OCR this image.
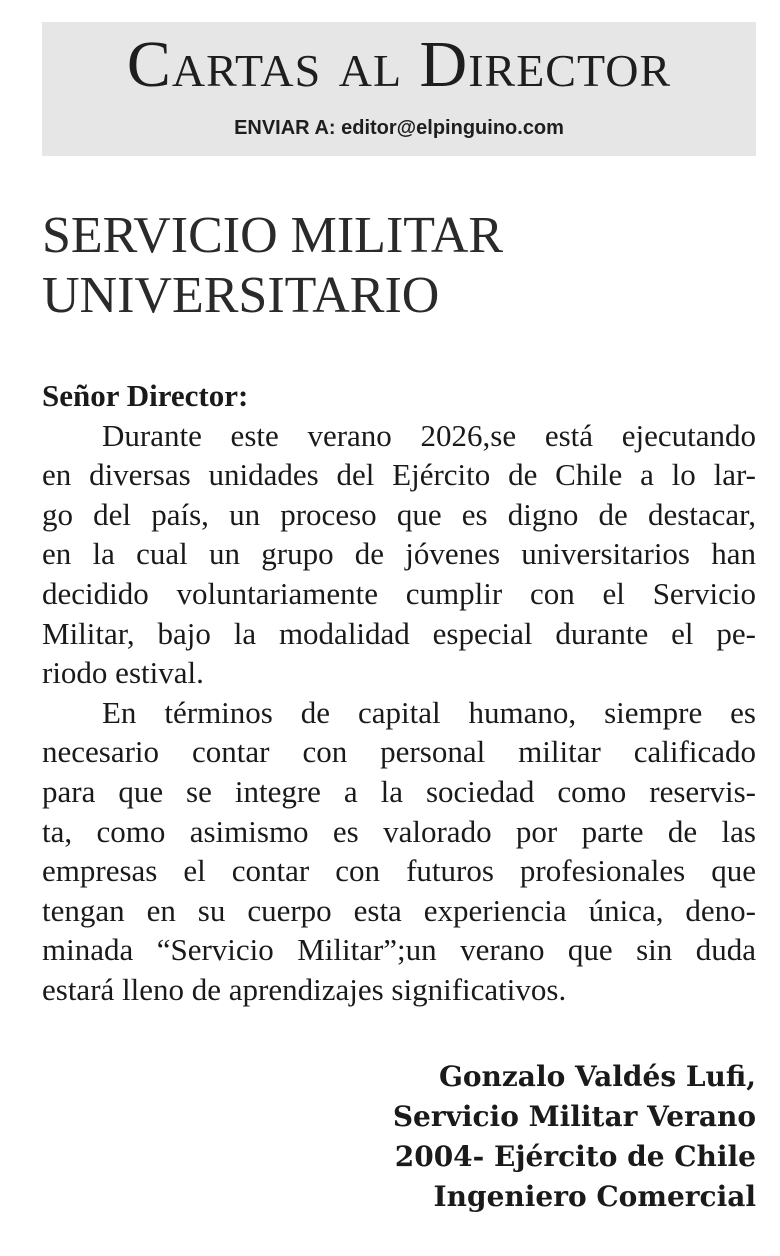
Cartas al Director
ENVIAR A: editor@elpinguino.com
SERVICIO MILITAR
UNIVERSITARIO
Señor Director:
Durante este verano 2026,se está ejecutando
en diversas unidades del Ejército de Chile a lo lar-
go del país, un proceso que es digno de destacar,
en la cual un grupo de jóvenes universitarios han
decidido voluntariamente cumplir con el Servicio
Militar, bajo la modalidad especial durante el pe-
riodo estival.
En términos de capital humano, siempre es
necesario contar con personal militar calificado
para que se integre a la sociedad como reservis-
ta, como asimismo es valorado por parte de las
empresas el contar con futuros profesionales que
tengan en su cuerpo esta experiencia única, deno-
minada “Servicio Militar”;un verano que sin duda
estará lleno de aprendizajes significativos.
Gonzalo Valdés Lufi,
Servicio Militar Verano
2004- Ejército de Chile
Ingeniero Comercial
